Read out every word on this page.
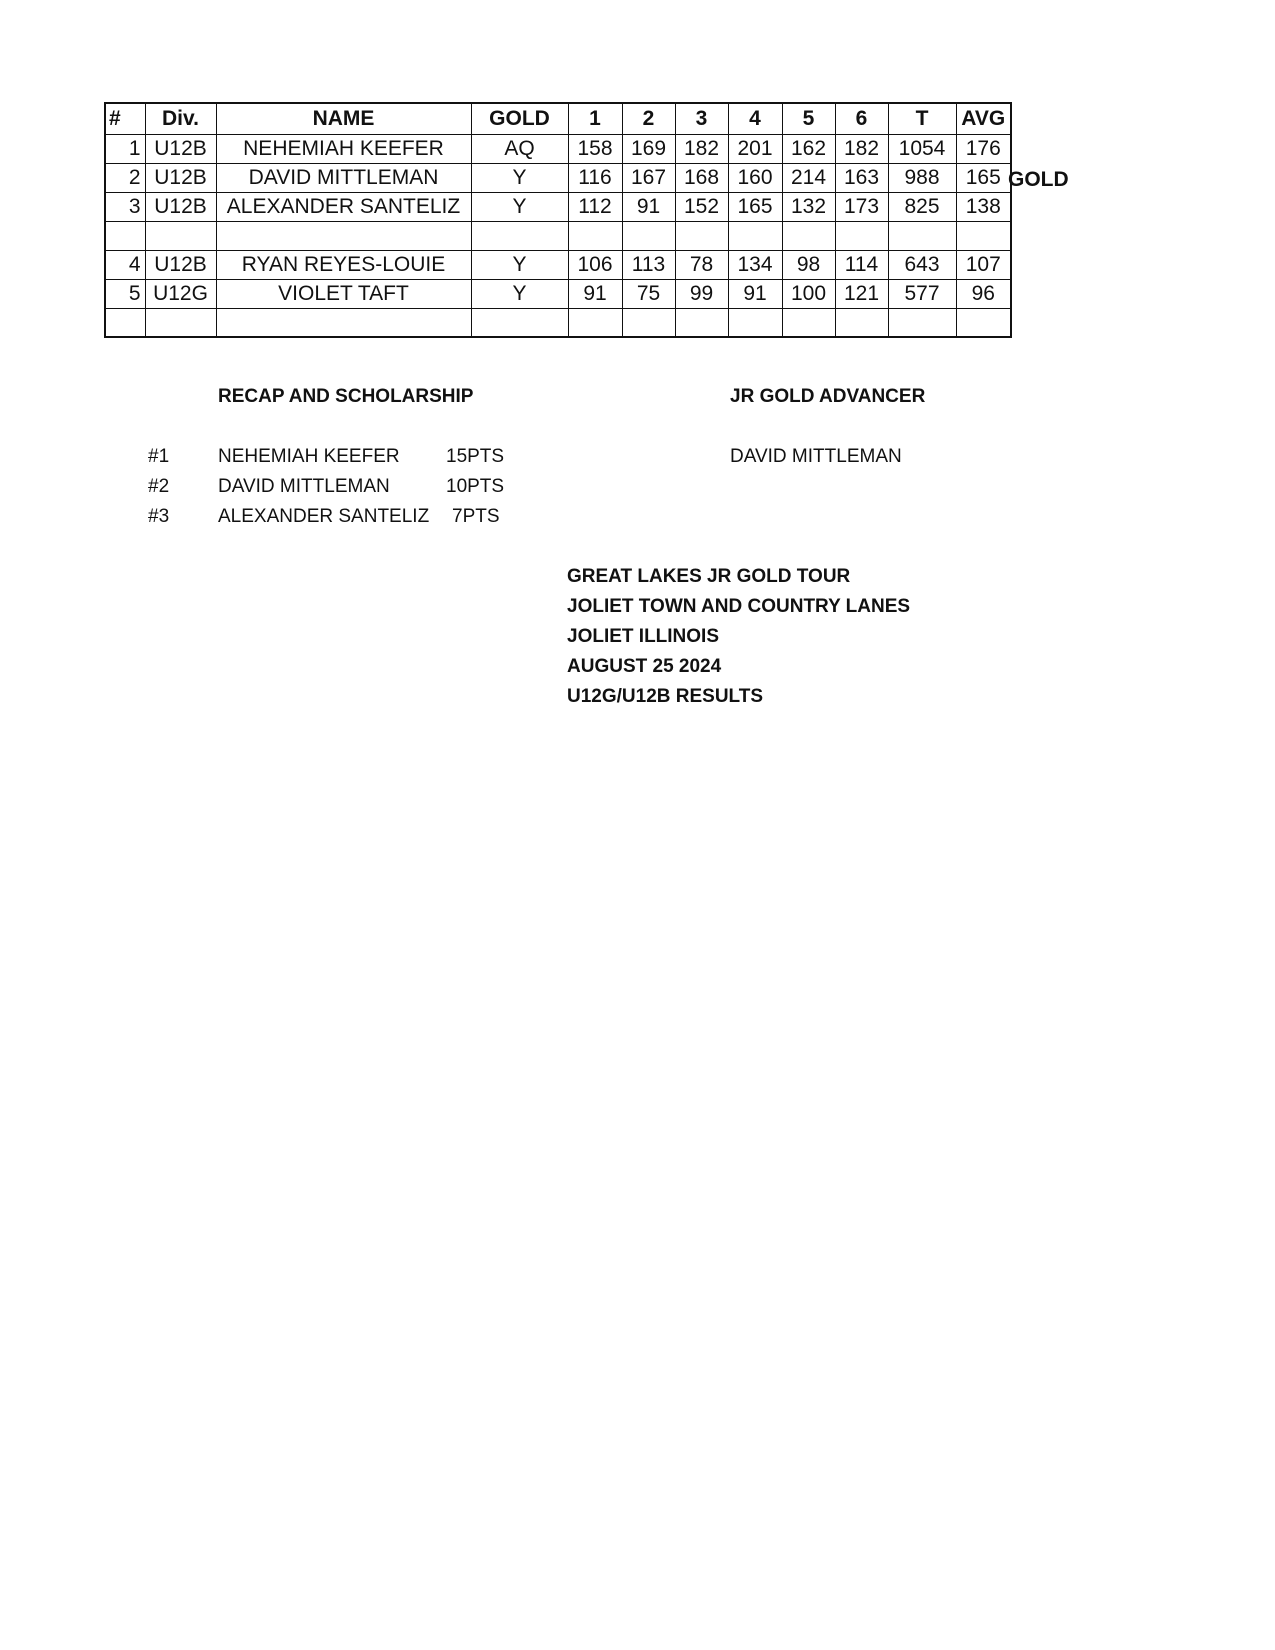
#	Div.	NAME	GOLD	1	2	3	4	5	6	T	AVG
1	U12B	NEHEMIAH KEEFER	AQ	158	169	182	201	162	182	1054	176
2	U12B	DAVID MITTLEMAN	Y	116	167	168	160	214	163	988	165
3	U12B	ALEXANDER SANTELIZ	Y	112	91	152	165	132	173	825	138

4	U12B	RYAN REYES-LOUIE	Y	106	113	78	134	98	114	643	107
5	U12G	VIOLET TAFT	Y	91	75	99	91	100	121	577	96

GOLD
RECAP AND SCHOLARSHIP	JR GOLD ADVANCER
DAVID MITTLEMAN
#1	NEHEMIAH KEEFER 15PTS
#2	DAVID MITTLEMAN	10PTS
#3	ALEXANDER SANTELIZ 7PTS
GREAT LAKES JR GOLD TOUR
JOLIET TOWN AND COUNTRY LANES
JOLIET ILLINOIS
AUGUST 25 2024
U12G/U12B RESULTS
